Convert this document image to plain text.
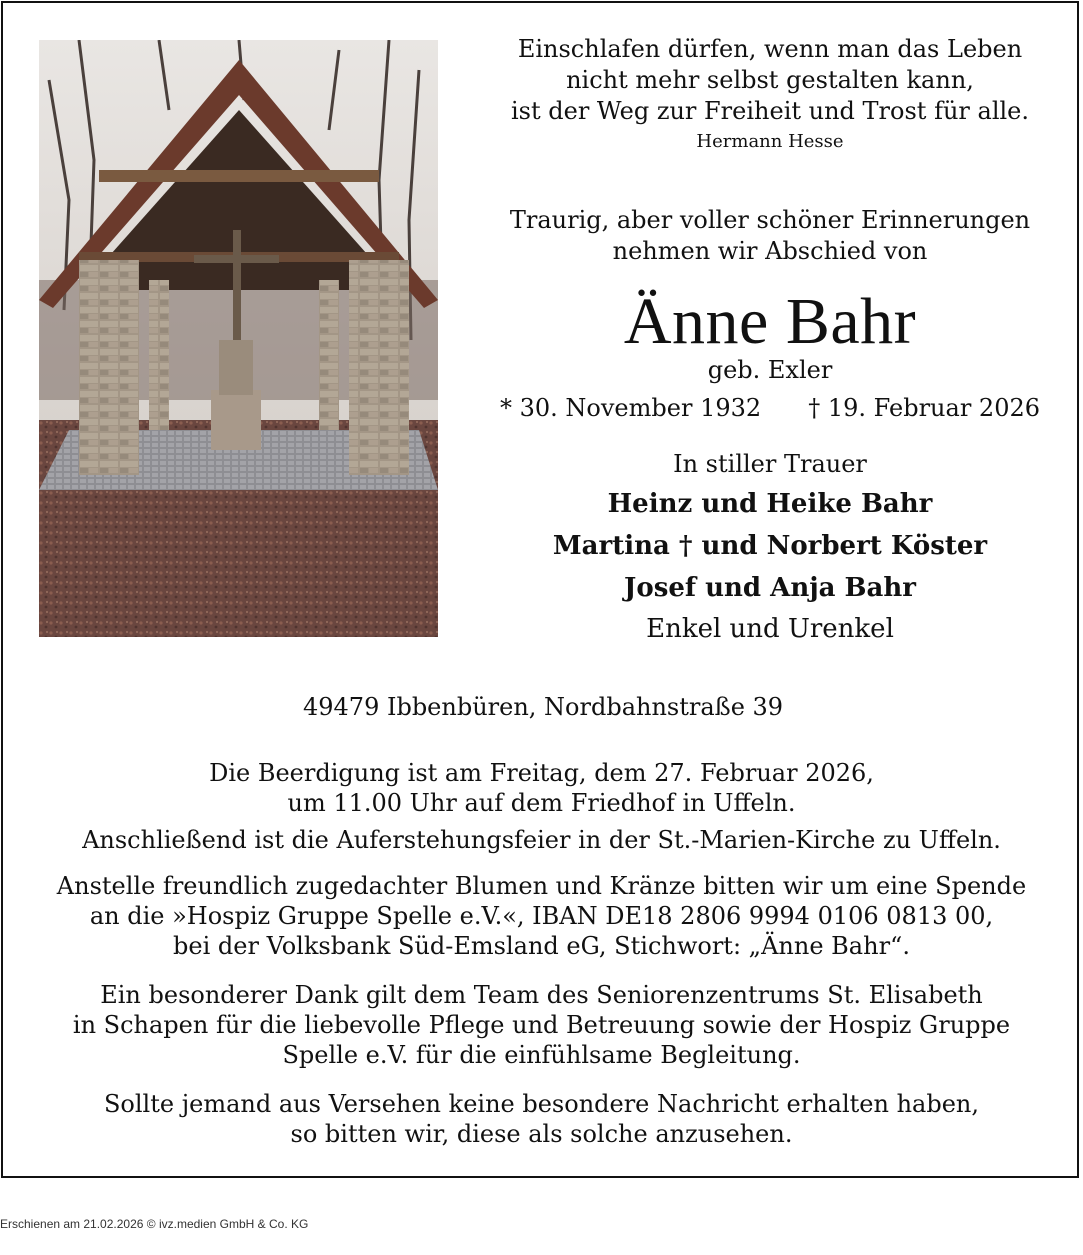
Einschlafen dürfen, wenn man das Leben
nicht mehr selbst gestalten kann,
ist der Weg zur Freiheit und Trost für alle.
Hermann Hesse
Traurig, aber voller schöner Erinnerungen
nehmen wir Abschied von
Änne Bahr
geb. Exler
* 30. November 1932 † 19. Februar 2026
In stiller Trauer
Heinz und Heike Bahr
Martina † und Norbert Köster
Josef und Anja Bahr
Enkel und Urenkel
49479 Ibbenbüren, Nordbahnstraße 39
Die Beerdigung ist am Freitag, dem 27. Februar 2026,
um 11.00 Uhr auf dem Friedhof in Uffeln.
Anschließend ist die Auferstehungsfeier in der St.-Marien-Kirche zu Uffeln.
Anstelle freundlich zugedachter Blumen und Kränze bitten wir um eine Spende
an die »Hospiz Gruppe Spelle e.V.«, IBAN DE18 2806 9994 0106 0813 00,
bei der Volksbank Süd-Emsland eG, Stichwort: „Änne Bahr“.
Ein besonderer Dank gilt dem Team des Seniorenzentrums St. Elisabeth
in Schapen für die liebevolle Pflege und Betreuung sowie der Hospiz Gruppe
Spelle e.V. für die einfühlsame Begleitung.
Sollte jemand aus Versehen keine besondere Nachricht erhalten haben,
so bitten wir, diese als solche anzusehen.
Erschienen am 21.02.2026 © ivz.medien GmbH & Co. KG
